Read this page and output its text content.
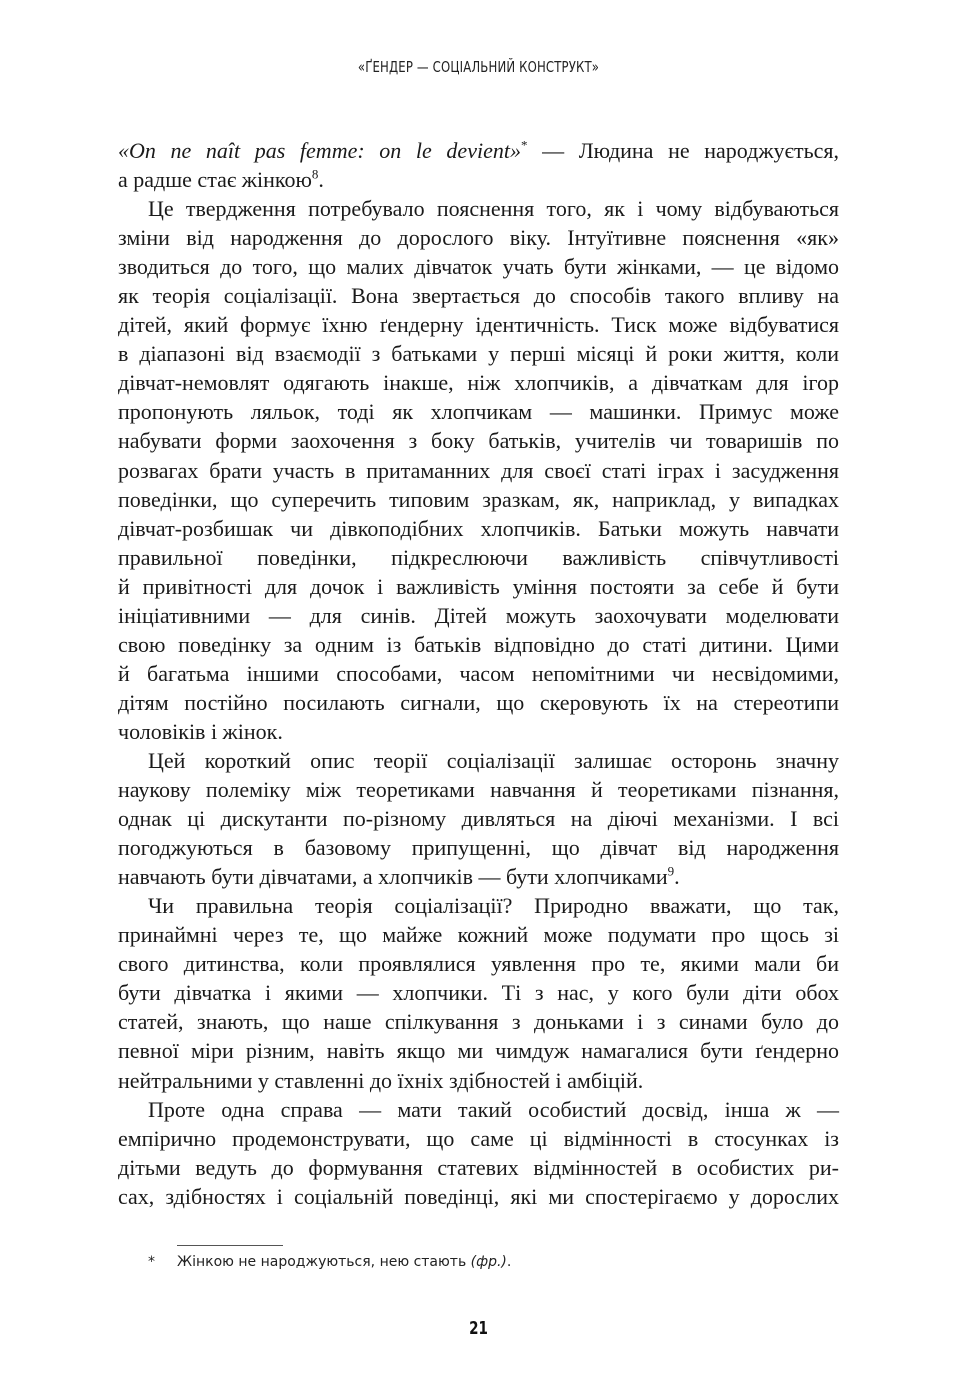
«ҐЕНДЕР — СОЦІАЛЬНИЙ КОНСТРУКТ»
«On ne naît pas femme: on le devient»* — Людина не народжується,
а радше стає жінкою$^8$.
Це твердження потребувало пояснення того, як і чому відбуваються
зміни від народження до дорослого віку. Інтуїтивне пояснення «як»
зводиться до того, що малих дівчаток учать бути жінками, — це відомо
як теорія соціалізації. Вона звертається до способів такого впливу на
дітей, який формує їхню ґендерну ідентичність. Тиск може відбуватися
в діапазоні від взаємодії з батьками у перші місяці й роки життя, коли
дівчат-немовлят одягають інакше, ніж хлопчиків, а дівчаткам для ігор
пропонують ляльок, тоді як хлопчикам — машинки. Примус може
набувати форми заохочення з боку батьків, учителів чи товаришів по
розвагах брати участь в притаманних для своєї статі іграх і засудження
поведінки, що суперечить типовим зразкам, як, наприклад, у випадках
дівчат-розбишак чи дівкоподібних хлопчиків. Батьки можуть навчати
правильної поведінки, підкреслюючи важливість співчутливості
й привітності для дочок і важливість уміння постояти за себе й бути
ініціативними — для синів. Дітей можуть заохочувати моделювати
свою поведінку за одним із батьків відповідно до статі дитини. Цими
й багатьма іншими способами, часом непомітними чи несвідомими,
дітям постійно посилають сигнали, що скеровують їх на стереотипи
чоловіків і жінок.
Цей короткий опис теорії соціалізації залишає осторонь значну
наукову полеміку між теоретиками навчання й теоретиками пізнання,
однак ці дискутанти по-різному дивляться на діючі механізми. І всі
погоджуються в базовому припущенні, що дівчат від народження
навчають бути дівчатами, а хлопчиків — бути хлопчиками$^9$.
Чи правильна теорія соціалізації? Природно вважати, що так,
принаймні через те, що майже кожний може подумати про щось зі
свого дитинства, коли проявлялися уявлення про те, якими мали би
бути дівчатка і якими — хлопчики. Ті з нас, у кого були діти обох
статей, знають, що наше спілкування з доньками і з синами було до
певної міри різним, навіть якщо ми чимдуж намагалися бути ґендерно
нейтральними у ставленні до їхніх здібностей і амбіцій.
Проте одна справа — мати такий особистий досвід, інша ж —
емпірично продемонструвати, що саме ці відмінності в стосунках із
дітьми ведуть до формування статевих відмінностей в особистих ри-
сах, здібностях і соціальній поведінці, які ми спостерігаємо у дорослих
* Жінкою не народжуються, нею стають (фр.).
21
